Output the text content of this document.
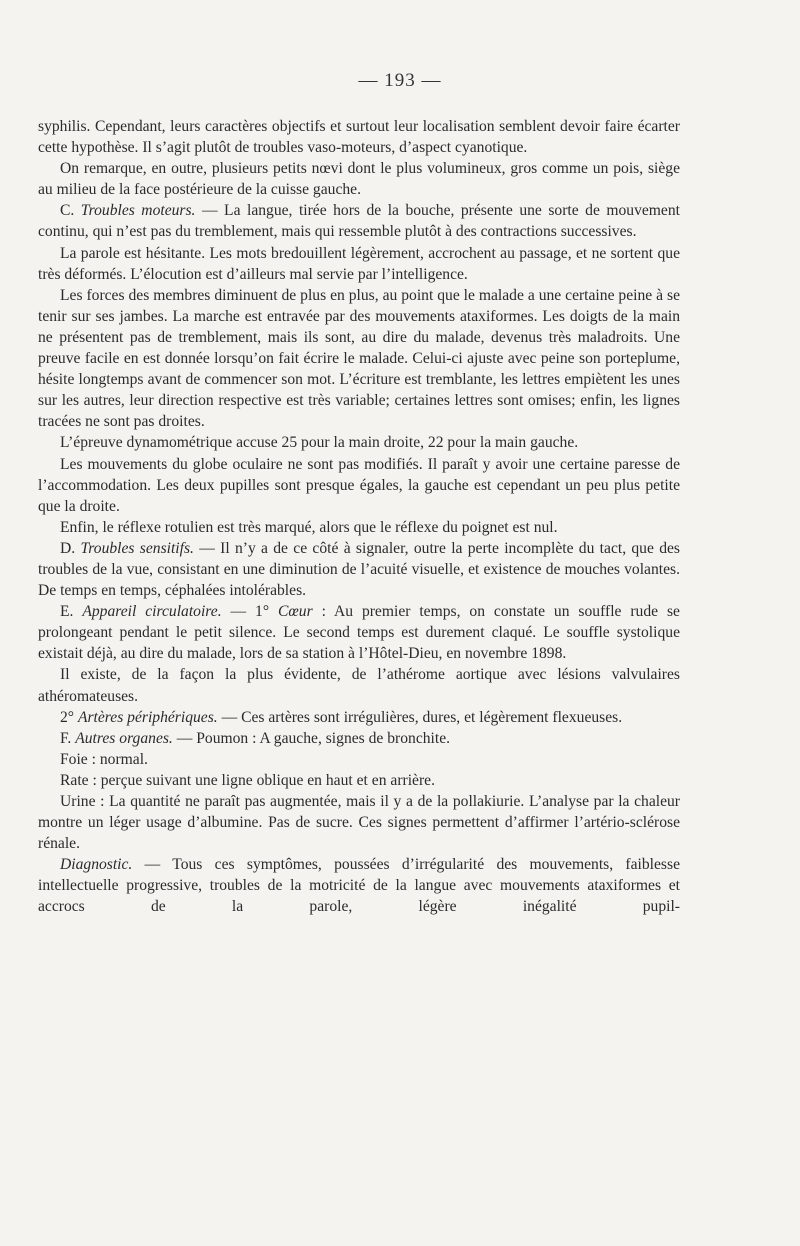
— 193 —

syphilis. Cependant, leurs caractères objectifs et surtout leur localisation semblent devoir faire écarter cette hypothèse. Il s’agit plutôt de troubles vaso-moteurs, d’aspect cyanotique.

On remarque, en outre, plusieurs petits nœvi dont le plus volumineux, gros comme un pois, siège au milieu de la face postérieure de la cuisse gauche.

C. Troubles moteurs. — La langue, tirée hors de la bouche, présente une sorte de mouvement continu, qui n’est pas du tremblement, mais qui ressemble plutôt à des contractions successives.

La parole est hésitante. Les mots bredouillent légèrement, accrochent au passage, et ne sortent que très déformés. L’élocution est d’ailleurs mal servie par l’intelligence.

Les forces des membres diminuent de plus en plus, au point que le malade a une certaine peine à se tenir sur ses jambes. La marche est entravée par des mouvements ataxiformes. Les doigts de la main ne présentent pas de tremblement, mais ils sont, au dire du malade, devenus très maladroits. Une preuve facile en est donnée lorsqu’on fait écrire le malade. Celui-ci ajuste avec peine son porteplume, hésite longtemps avant de commencer son mot. L’écriture est tremblante, les lettres empiètent les unes sur les autres, leur direction respective est très variable; certaines lettres sont omises; enfin, les lignes tracées ne sont pas droites.

L’épreuve dynamométrique accuse 25 pour la main droite, 22 pour la main gauche.

Les mouvements du globe oculaire ne sont pas modifiés. Il paraît y avoir une certaine paresse de l’accommodation. Les deux pupilles sont presque égales, la gauche est cependant un peu plus petite que la droite.

Enfin, le réflexe rotulien est très marqué, alors que le réflexe du poignet est nul.

D. Troubles sensitifs. — Il n’y a de ce côté à signaler, outre la perte incomplète du tact, que des troubles de la vue, consistant en une diminution de l’acuité visuelle, et existence de mouches volantes. De temps en temps, céphalées intolérables.

E. Appareil circulatoire. — 1° Cœur : Au premier temps, on constate un souffle rude se prolongeant pendant le petit silence. Le second temps est durement claqué. Le souffle systolique existait déjà, au dire du malade, lors de sa station à l’Hôtel-Dieu, en novembre 1898.

Il existe, de la façon la plus évidente, de l’athérome aortique avec lésions valvulaires athéromateuses.

2° Artères périphériques. — Ces artères sont irrégulières, dures, et légèrement flexueuses.

F. Autres organes. — Poumon : A gauche, signes de bronchite.

Foie : normal.

Rate : perçue suivant une ligne oblique en haut et en arrière.

Urine : La quantité ne paraît pas augmentée, mais il y a de la pollakiurie. L’analyse par la chaleur montre un léger usage d’albumine. Pas de sucre. Ces signes permettent d’affirmer l’artério-sclérose rénale.

Diagnostic. — Tous ces symptômes, poussées d’irrégularité des mouvements, faiblesse intellectuelle progressive, troubles de la motricité de la langue avec mouvements ataxiformes et accrocs de la parole, légère inégalité pupil-
